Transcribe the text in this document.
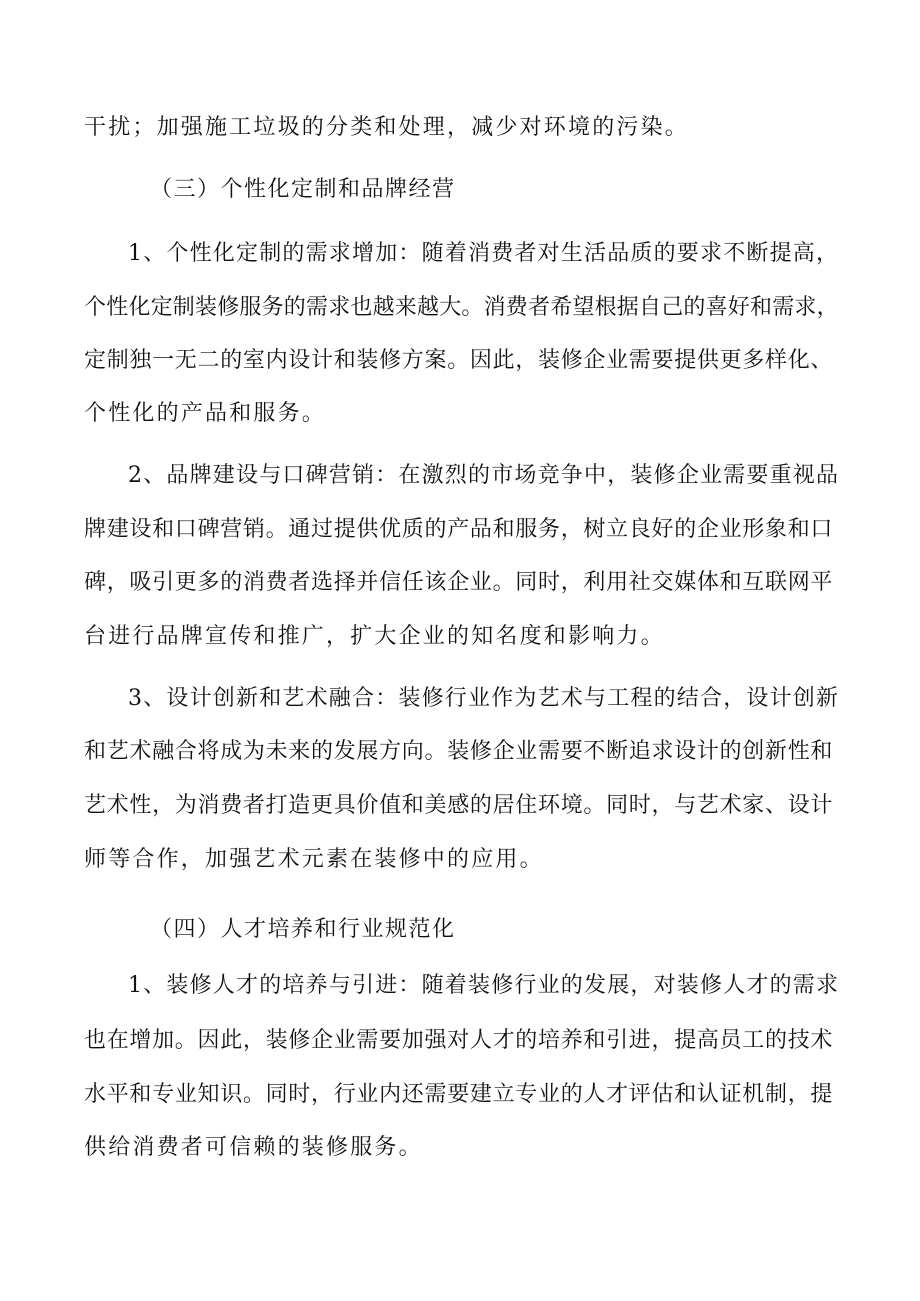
干扰；加强施工垃圾的分类和处理，减少对环境的污染。
（三）个性化定制和品牌经营
1、个性化定制的需求增加：随着消费者对生活品质的要求不断提高，
个性化定制装修服务的需求也越来越大。消费者希望根据自己的喜好和需求，
定制独一无二的室内设计和装修方案。因此，装修企业需要提供更多样化、
个性化的产品和服务。
2、品牌建设与口碑营销：在激烈的市场竞争中，装修企业需要重视品
牌建设和口碑营销。通过提供优质的产品和服务，树立良好的企业形象和口
碑，吸引更多的消费者选择并信任该企业。同时，利用社交媒体和互联网平
台进行品牌宣传和推广，扩大企业的知名度和影响力。
3、设计创新和艺术融合：装修行业作为艺术与工程的结合，设计创新
和艺术融合将成为未来的发展方向。装修企业需要不断追求设计的创新性和
艺术性，为消费者打造更具价值和美感的居住环境。同时，与艺术家、设计
师等合作，加强艺术元素在装修中的应用。
（四）人才培养和行业规范化
1、装修人才的培养与引进：随着装修行业的发展，对装修人才的需求
也在增加。因此，装修企业需要加强对人才的培养和引进，提高员工的技术
水平和专业知识。同时，行业内还需要建立专业的人才评估和认证机制，提
供给消费者可信赖的装修服务。
